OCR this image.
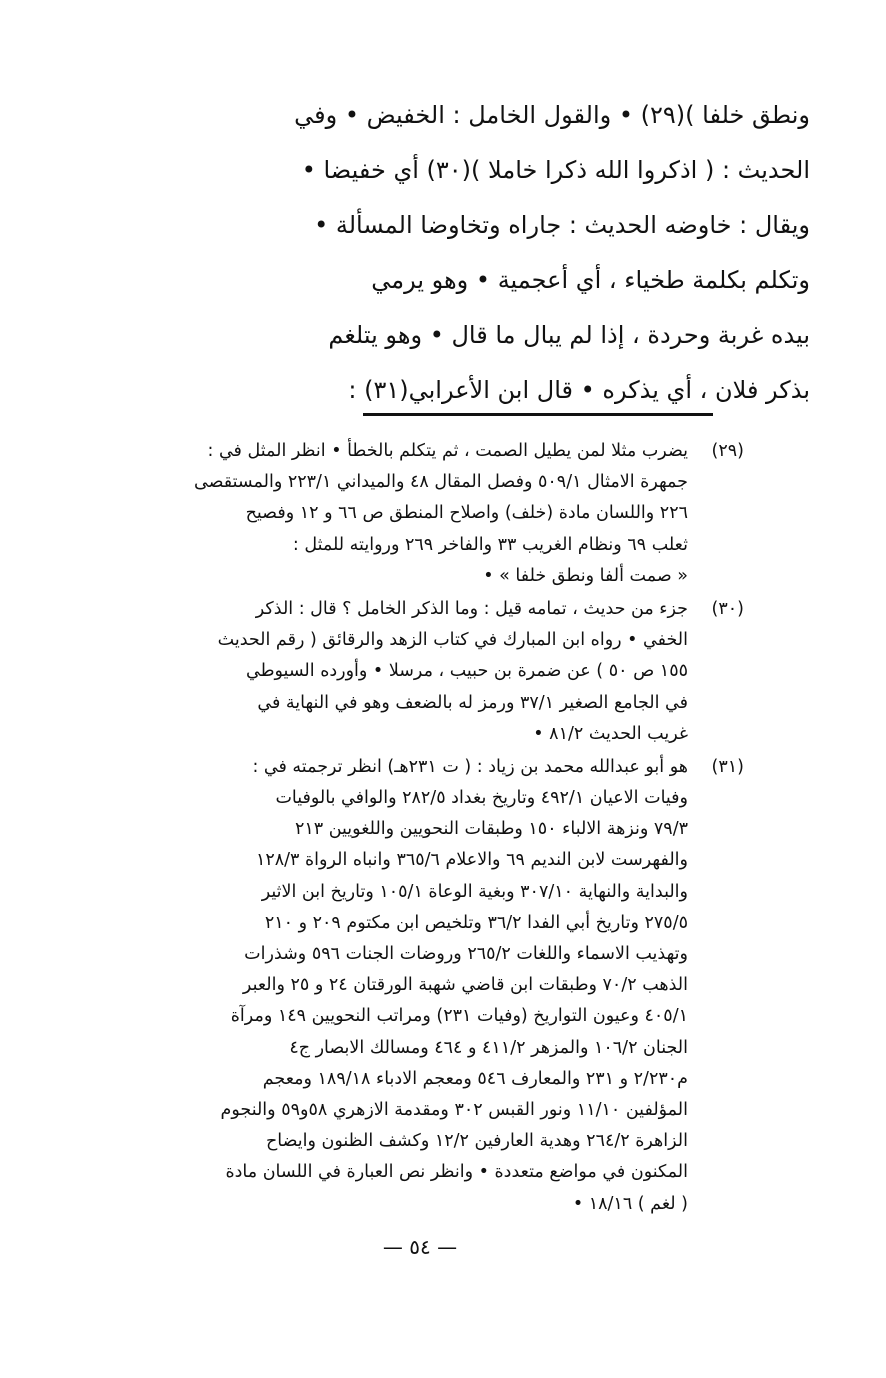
ونطق خلفا )(٢٩) • والقول الخامل : الخفيض • وفي
الحديث : ( اذكروا الله ذكرا خاملا )(٣٠) أي خفيضا •
ويقال : خاوضه الحديث : جاراه وتخاوضا المسألة •
وتكلم بكلمة طخياء ، أي أعجمية • وهو يرمي
بيده غربة وحردة ، إذا لم يبال ما قال • وهو يتلغم
بذكر فلان ، أي يذكره • قال ابن الأعرابي(٣١) :
(٢٩)
يضرب مثلا لمن يطيل الصمت ، ثم يتكلم بالخطأ • انظر المثل في :
جمهرة الامثال ٥٠٩/١ وفصل المقال ٤٨ والميداني ٢٢٣/١ والمستقصى
٢٢٦ واللسان مادة (خلف) واصلاح المنطق ص ٦٦ و ١٢ وفصيح
ثعلب ٦٩ ونظام الغريب ٣٣ والفاخر ٢٦٩ وروايته للمثل :
« صمت ألفا ونطق خلفا » •
(٣٠)
جزء من حديث ، تمامه قيل : وما الذكر الخامل ؟ قال : الذكر
الخفي • رواه ابن المبارك في كتاب الزهد والرقائق ( رقم الحديث
١٥٥ ص ٥٠ ) عن ضمرة بن حبيب ، مرسلا • وأورده السيوطي
في الجامع الصغير ٣٧/١ ورمز له بالضعف وهو في النهاية في
غريب الحديث ٨١/٢ •
(٣١)
هو أبو عبدالله محمد بن زياد : ( ت ٢٣١هـ) انظر ترجمته في :
وفيات الاعيان ٤٩٢/١ وتاريخ بغداد ٢٨٢/٥ والوافي بالوفيات
٧٩/٣ ونزهة الالباء ١٥٠ وطبقات النحويين واللغويين ٢١٣
والفهرست لابن النديم ٦٩ والاعلام ٣٦٥/٦ وانباه الرواة ١٢٨/٣
والبداية والنهاية ٣٠٧/١٠ وبغية الوعاة ١٠٥/١ وتاريخ ابن الاثير
٢٧٥/٥ وتاريخ أبي الفدا ٣٦/٢ وتلخيص ابن مكتوم ٢٠٩ و ٢١٠
وتهذيب الاسماء واللغات ٢٦٥/٢ وروضات الجنات ٥٩٦ وشذرات
الذهب ٧٠/٢ وطبقات ابن قاضي شهبة الورقتان ٢٤ و ٢٥ والعبر
٤٠٥/١ وعيون التواريخ (وفيات ٢٣١) ومراتب النحويين ١٤٩ ومرآة
الجنان ١٠٦/٢ والمزهر ٤١١/٢ و ٤٦٤ ومسالك الابصار ج٤
م٢/٢٣٠ و ٢٣١ والمعارف ٥٤٦ ومعجم الادباء ١٨٩/١٨ ومعجم
المؤلفين ١١/١٠ ونور القبس ٣٠٢ ومقدمة الازهري ٥٨و٥٩ والنجوم
الزاهرة ٢٦٤/٢ وهدية العارفين ١٢/٢ وكشف الظنون وايضاح
المكنون في مواضع متعددة • وانظر نص العبارة في اللسان مادة
( لغم ) ١٨/١٦ •
— ٥٤ —
